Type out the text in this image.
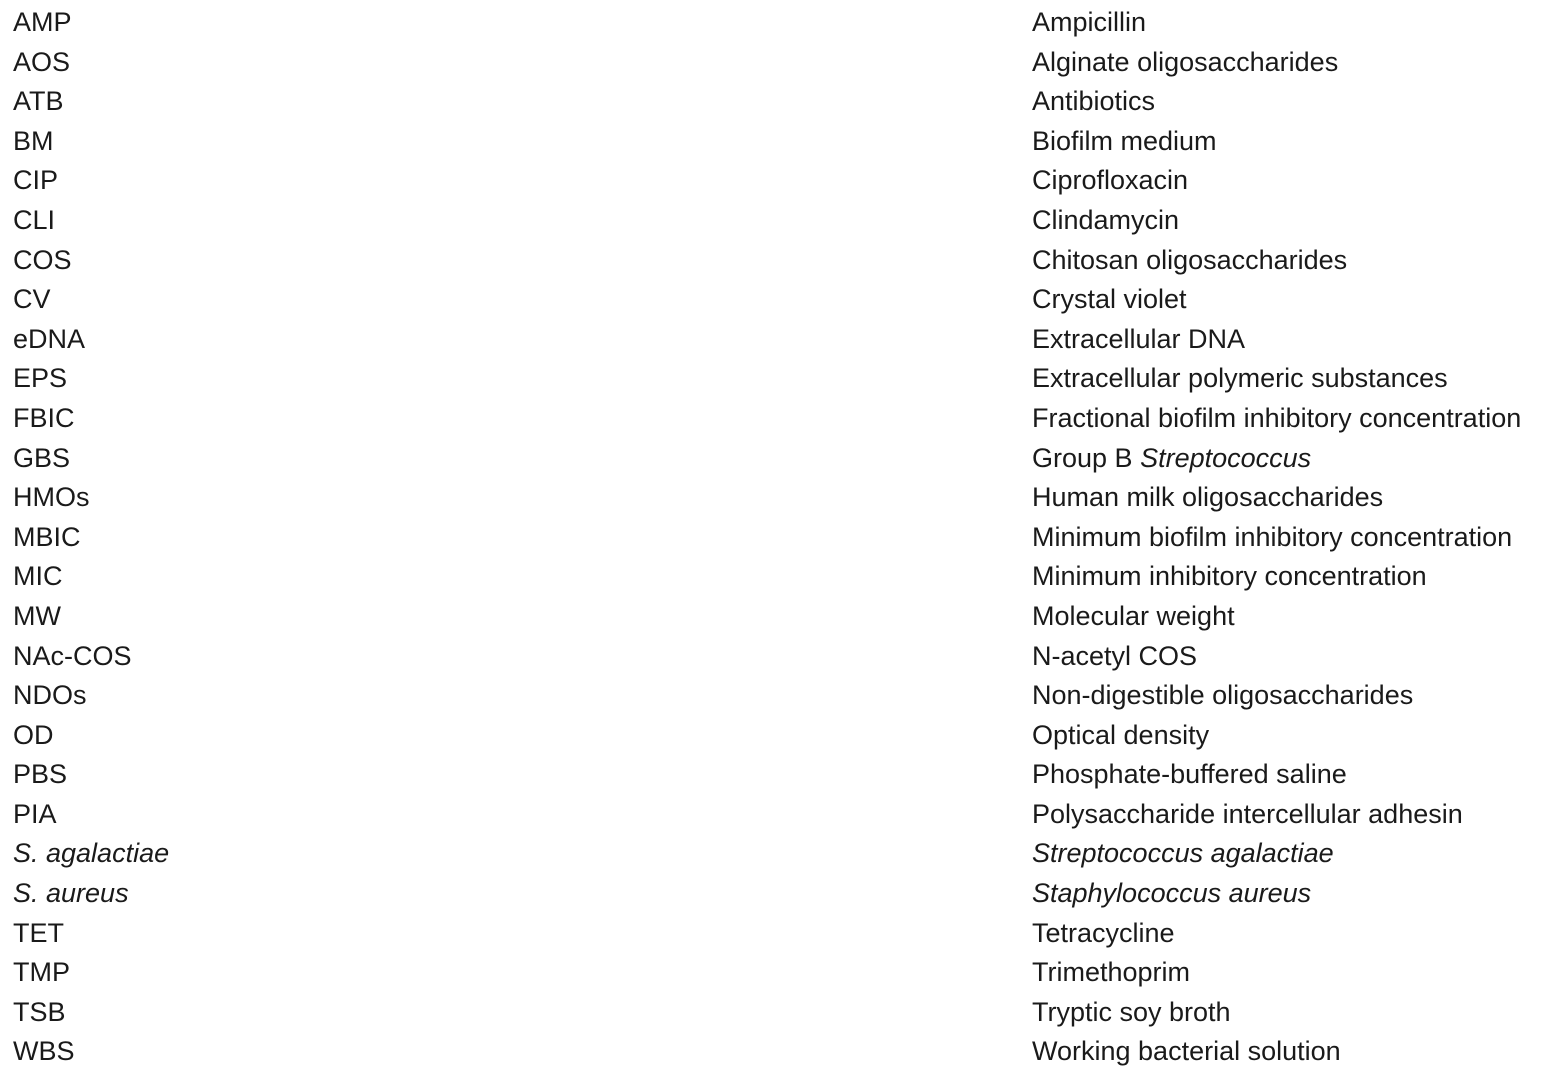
AMP	Ampicillin
AOS	Alginate oligosaccharides
ATB	Antibiotics
BM	Biofilm medium
CIP	Ciprofloxacin
CLI	Clindamycin
COS	Chitosan oligosaccharides
CV	Crystal violet
eDNA	Extracellular DNA
EPS	Extracellular polymeric substances
FBIC	Fractional biofilm inhibitory concentration
GBS	Group B Streptococcus
HMOs	Human milk oligosaccharides
MBIC	Minimum biofilm inhibitory concentration
MIC	Minimum inhibitory concentration
MW	Molecular weight
NAc-COS	N-acetyl COS
NDOs	Non-digestible oligosaccharides
OD	Optical density
PBS	Phosphate-buffered saline
PIA	Polysaccharide intercellular adhesin
S. agalactiae	Streptococcus agalactiae
S. aureus	Staphylococcus aureus
TET	Tetracycline
TMP	Trimethoprim
TSB	Tryptic soy broth
WBS	Working bacterial solution
